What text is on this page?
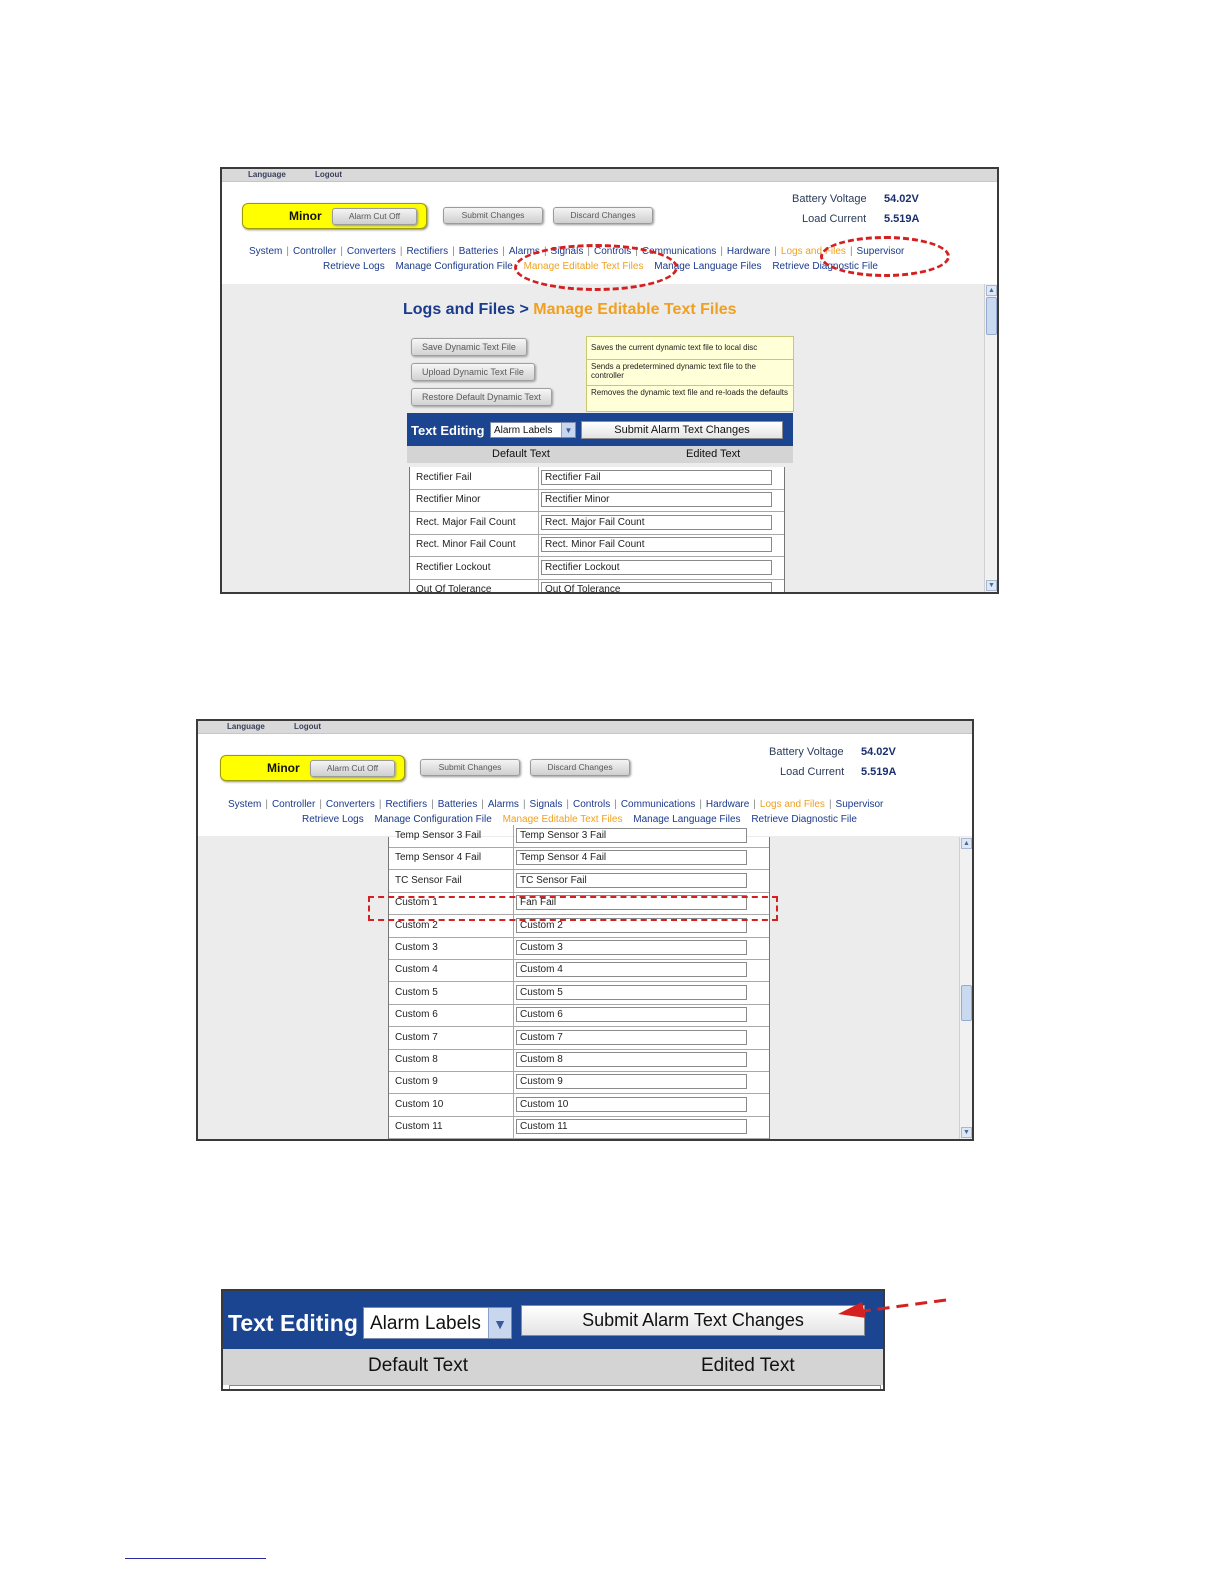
Language	Logout
Minor	Alarm Cut Off	Submit Changes	Discard Changes
Battery Voltage 54.02V
Load Current 5.519A
System | Controller | Converters | Rectifiers | Batteries | Alarms | Signals | Controls | Communications | Hardware | Logs and Files | Supervisor
Retrieve Logs Manage Configuration File Manage Editable Text Files Manage Language Files Retrieve Diagnostic File
▲
▼
Logs and Files > Manage Editable Text Files
Save Dynamic Text File
Upload Dynamic Text File
Restore Default Dynamic Text
Saves the current dynamic text file to local disc
Sends a predetermined dynamic text file to the controller
Removes the dynamic text file and re-loads the defaults
Text Editing Alarm Labels	▼	Submit Alarm Text Changes
Default Text	Edited Text
Rectifier Fail	Rectifier Fail
Rectifier Minor	Rectifier Minor
Rect. Major Fail Count	Rect. Major Fail Count
Rect. Minor Fail Count	Rect. Minor Fail Count
Rectifier Lockout	Rectifier Lockout
Out Of Tolerance	Out Of Tolerance
Language	Logout
Minor	Alarm Cut Off	Submit Changes	Discard Changes
Battery Voltage 54.02V
Load Current 5.519A
System | Controller | Converters | Rectifiers | Batteries | Alarms | Signals | Controls | Communications | Hardware | Logs and Files | Supervisor
Retrieve Logs Manage Configuration File Manage Editable Text Files Manage Language Files Retrieve Diagnostic File
▲
▼
Temp Sensor 3 Fail	Temp Sensor 3 Fail
Temp Sensor 4 Fail	Temp Sensor 4 Fail
TC Sensor Fail	TC Sensor Fail
Custom 1	Fan Fail
Custom 2	Custom 2
Custom 3	Custom 3
Custom 4	Custom 4
Custom 5	Custom 5
Custom 6	Custom 6
Custom 7	Custom 7
Custom 8	Custom 8
Custom 9	Custom 9
Custom 10	Custom 10
Custom 11	Custom 11
Text Editing Alarm Labels ▼	Submit Alarm Text Changes
Default Text	Edited Text
